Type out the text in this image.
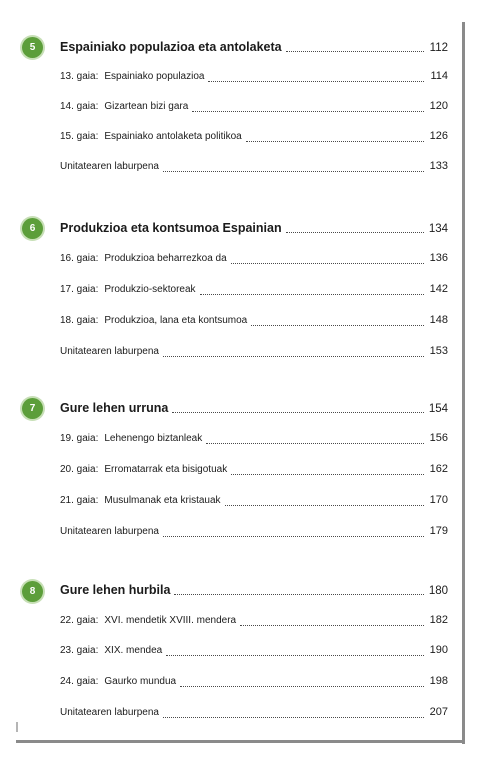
5	Espainiako populazioa eta antolaketa	112
13. gaia: Espainiako populazioa	114
14. gaia: Gizartean bizi gara	120
15. gaia: Espainiako antolaketa politikoa	126
Unitatearen laburpena	133
6	Produkzioa eta kontsumoa Espainian	134
16. gaia: Produkzioa beharrezkoa da	136
17. gaia: Produkzio-sektoreak	142
18. gaia: Produkzioa, lana eta kontsumoa	148
Unitatearen laburpena	153
7	Gure lehen urruna	154
19. gaia: Lehenengo biztanleak	156
20. gaia: Erromatarrak eta bisigotuak	162
21. gaia: Musulmanak eta kristauak	170
Unitatearen laburpena	179
8	Gure lehen hurbila	180
22. gaia: XVI. mendetik XVIII. mendera	182
23. gaia: XIX. mendea	190
24. gaia: Gaurko mundua	198
Unitatearen laburpena	207
